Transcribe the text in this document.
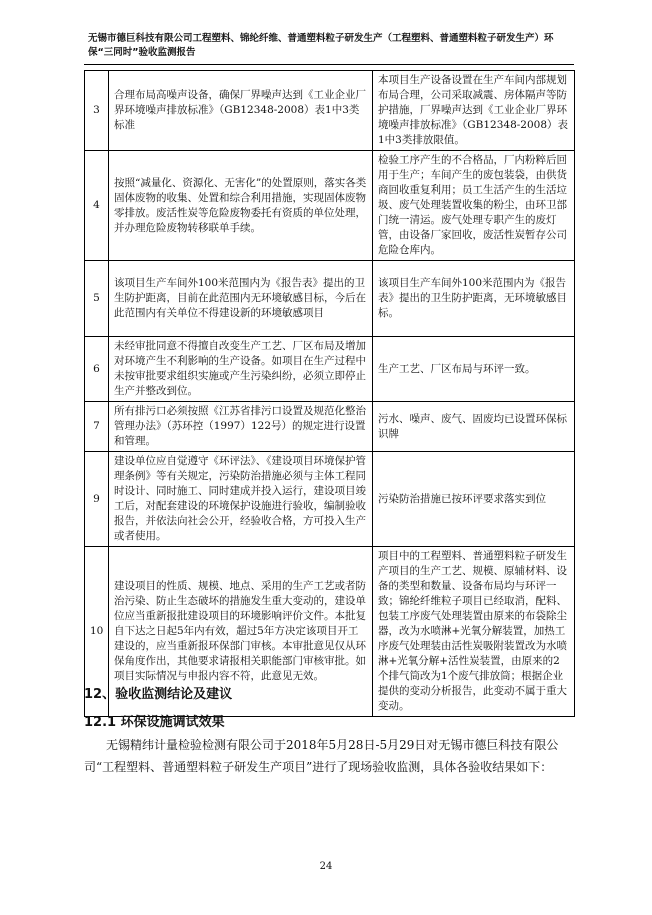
无锡市德巨科技有限公司工程塑料、锦纶纤维、普通塑料粒子研发生产（工程塑料、普通塑料粒子研发生产）环
保“三同时”验收监测报告
3	合理布局高噪声设备，确保厂界噪声达到《工业企业厂界环境噪声排放标准》（GB12348-2008）表1中3类标准	本项目生产设备设置在生产车间内部规划布局合理，公司采取减震、房体隔声等防护措施，厂界噪声达到《工业企业厂界环境噪声排放标准》（GB12348-2008）表1中3类排放限值。
4	按照“减量化、资源化、无害化”的处置原则，落实各类固体废物的收集、处置和综合利用措施，实现固体废物零排放。废活性炭等危险废物委托有资质的单位处理，并办理危险废物转移联单手续。	检验工序产生的不合格品，厂内粉粹后回用于生产；车间产生的废包装袋，由供货商回收重复利用；员工生活产生的生活垃圾、废气处理装置收集的粉尘，由环卫部门统一清运。废气处理专职产生的废灯管，由设备厂家回收，废活性炭暂存公司危险仓库内。
5	该项目生产车间外100米范围内为《报告表》提出的卫生防护距离，目前在此范围内无环境敏感目标，今后在此范围内有关单位不得建设新的环境敏感项目	该项目生产车间外100米范围内为《报告表》提出的卫生防护距离，无环境敏感目标。
6	未经审批同意不得擅自改变生产工艺、厂区布局及增加对环境产生不利影响的生产设备。如项目在生产过程中未按审批要求组织实施或产生污染纠纷，必须立即停止生产并整改到位。	生产工艺、厂区布局与环评一致。
7	所有排污口必须按照《江苏省排污口设置及规范化整治管理办法》（苏环控（1997）122号）的规定进行设置和管理。	污水、噪声、废气、固废均已设置环保标识牌
9	建设单位应自觉遵守《环评法》、《建设项目环境保护管理条例》等有关规定，污染防治措施必须与主体工程同时设计、同时施工、同时建成并投入运行，建设项目竣工后，对配套建设的环境保护设施进行验收，编制验收报告，并依法向社会公开，经验收合格，方可投入生产或者使用。	污染防治措施已按环评要求落实到位
10	建设项目的性质、规模、地点、采用的生产工艺或者防治污染、防止生态破坏的措施发生重大变动的，建设单位应当重新报批建设项目的环境影响评价文件。本批复自下达之日起5年内有效，超过5年方决定该项目开工建设的，应当重新报环保部门审核。本审批意见仅从环保角度作出，其他要求请报相关职能部门审核审批。如项目实际情况与申报内容不符，此意见无效。	项目中的工程塑料、普通塑料粒子研发生产项目的生产工艺、规模、原辅材料、设备的类型和数量、设备布局均与环评一致；锦纶纤维粒子项目已经取消，配料、包装工序废气处理装置由原来的布袋除尘器，改为水喷淋+光氧分解装置，加热工序废气处理装由活性炭吸附装置改为水喷淋+光氧分解+活性炭装置，由原来的2个排气筒改为1个废气排放筒；根据企业提供的变动分析报告，此变动不属于重大变动。
12、验收监测结论及建议
12.1 环保设施调试效果
无锡精纬计量检验检测有限公司于2018年5月28日-5月29日对无锡市德巨科技有限公司“工程塑料、普通塑料粒子研发生产项目”进行了现场验收监测，具体各验收结果如下：
24
